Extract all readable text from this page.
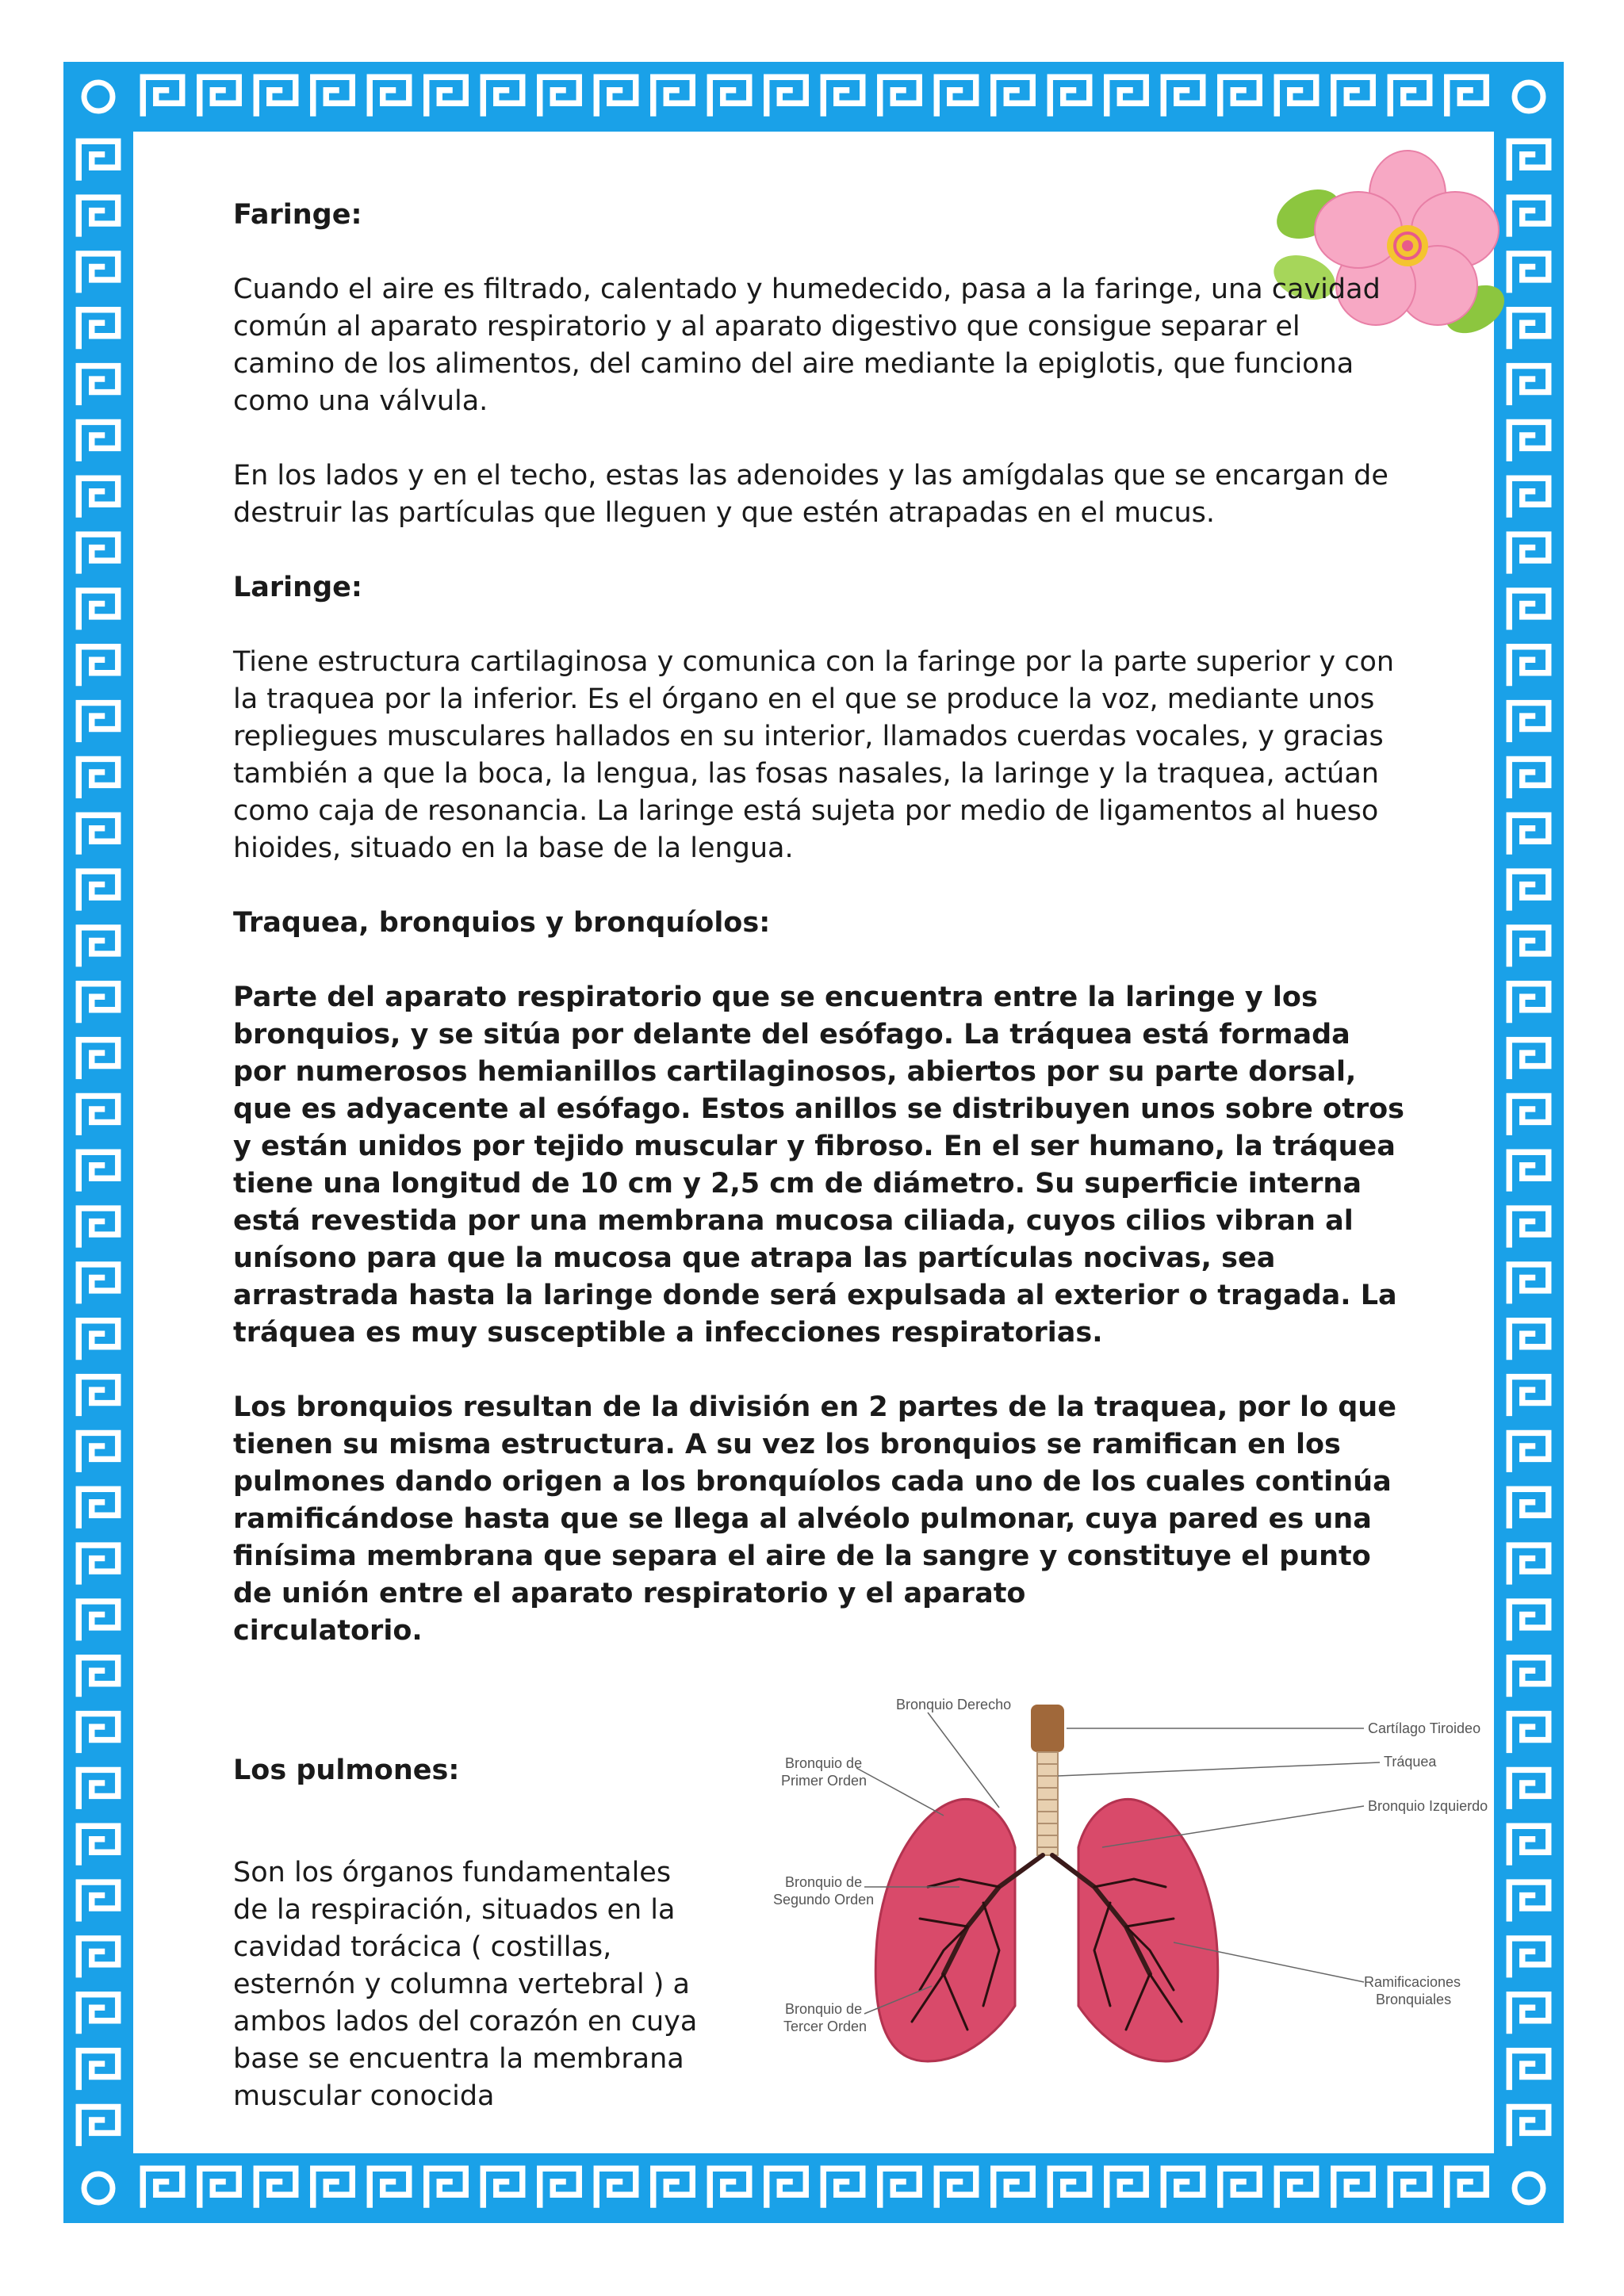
Faringe:

Cuando el aire es filtrado, calentado y humedecido, pasa a la faringe, una cavidad común al aparato respiratorio y al aparato digestivo que consigue separar el camino de los alimentos, del camino del aire mediante la epiglotis, que funciona como una válvula.

En los lados y en el techo, estas las adenoides y las amígdalas que se encargan de destruir las partículas que lleguen y que estén atrapadas en el mucus.

Laringe:

Tiene estructura cartilaginosa y comunica con la faringe por la parte superior y con la traquea por la inferior. Es el órgano en el que se produce la voz, mediante unos repliegues musculares hallados en su interior, llamados cuerdas vocales, y gracias también a que la boca, la lengua, las fosas nasales, la laringe y la traquea, actúan como caja de resonancia. La laringe está sujeta por medio de ligamentos al hueso hioides, situado en la base de la lengua.

Traquea, bronquios y bronquíolos:

Parte del aparato respiratorio que se encuentra entre la laringe y los bronquios, y se sitúa por delante del esófago. La tráquea está formada por numerosos hemianillos cartilaginosos, abiertos por su parte dorsal, que es adyacente al esófago. Estos anillos se distribuyen unos sobre otros y están unidos por tejido muscular y fibroso. En el ser humano, la tráquea tiene una longitud de 10 cm y 2,5 cm de diámetro. Su superficie interna está revestida por una membrana mucosa ciliada, cuyos cilios vibran al unísono para que la mucosa que atrapa las partículas nocivas, sea arrastrada hasta la laringe donde será expulsada al exterior o tragada. La tráquea es muy susceptible a infecciones respiratorias.

Los bronquios resultan de la división en 2 partes de la traquea, por lo que tienen su misma estructura. A su vez los bronquios se ramifican en los pulmones dando origen a los bronquíolos cada uno de los cuales continúa ramificándose hasta que se llega al alvéolo pulmonar, cuya pared es una finísima membrana que separa el aire de la sangre y constituye el punto de unión entre el aparato respiratorio y el aparato

circulatorio.

Los pulmones:

Son los órganos fundamentales de la respiración, situados en la cavidad torácica ( costillas, esternón y columna vertebral ) a ambos lados del corazón en cuya base se encuentra la membrana muscular conocida

Bronquio Derecho
Cartílago Tiroideo
Tráquea
Bronquio Izquierdo
Bronquio de
Primer Orden
Bronquio de
Segundo Orden
Bronquio de
Tercer Orden
Ramificaciones
Bronquiales
